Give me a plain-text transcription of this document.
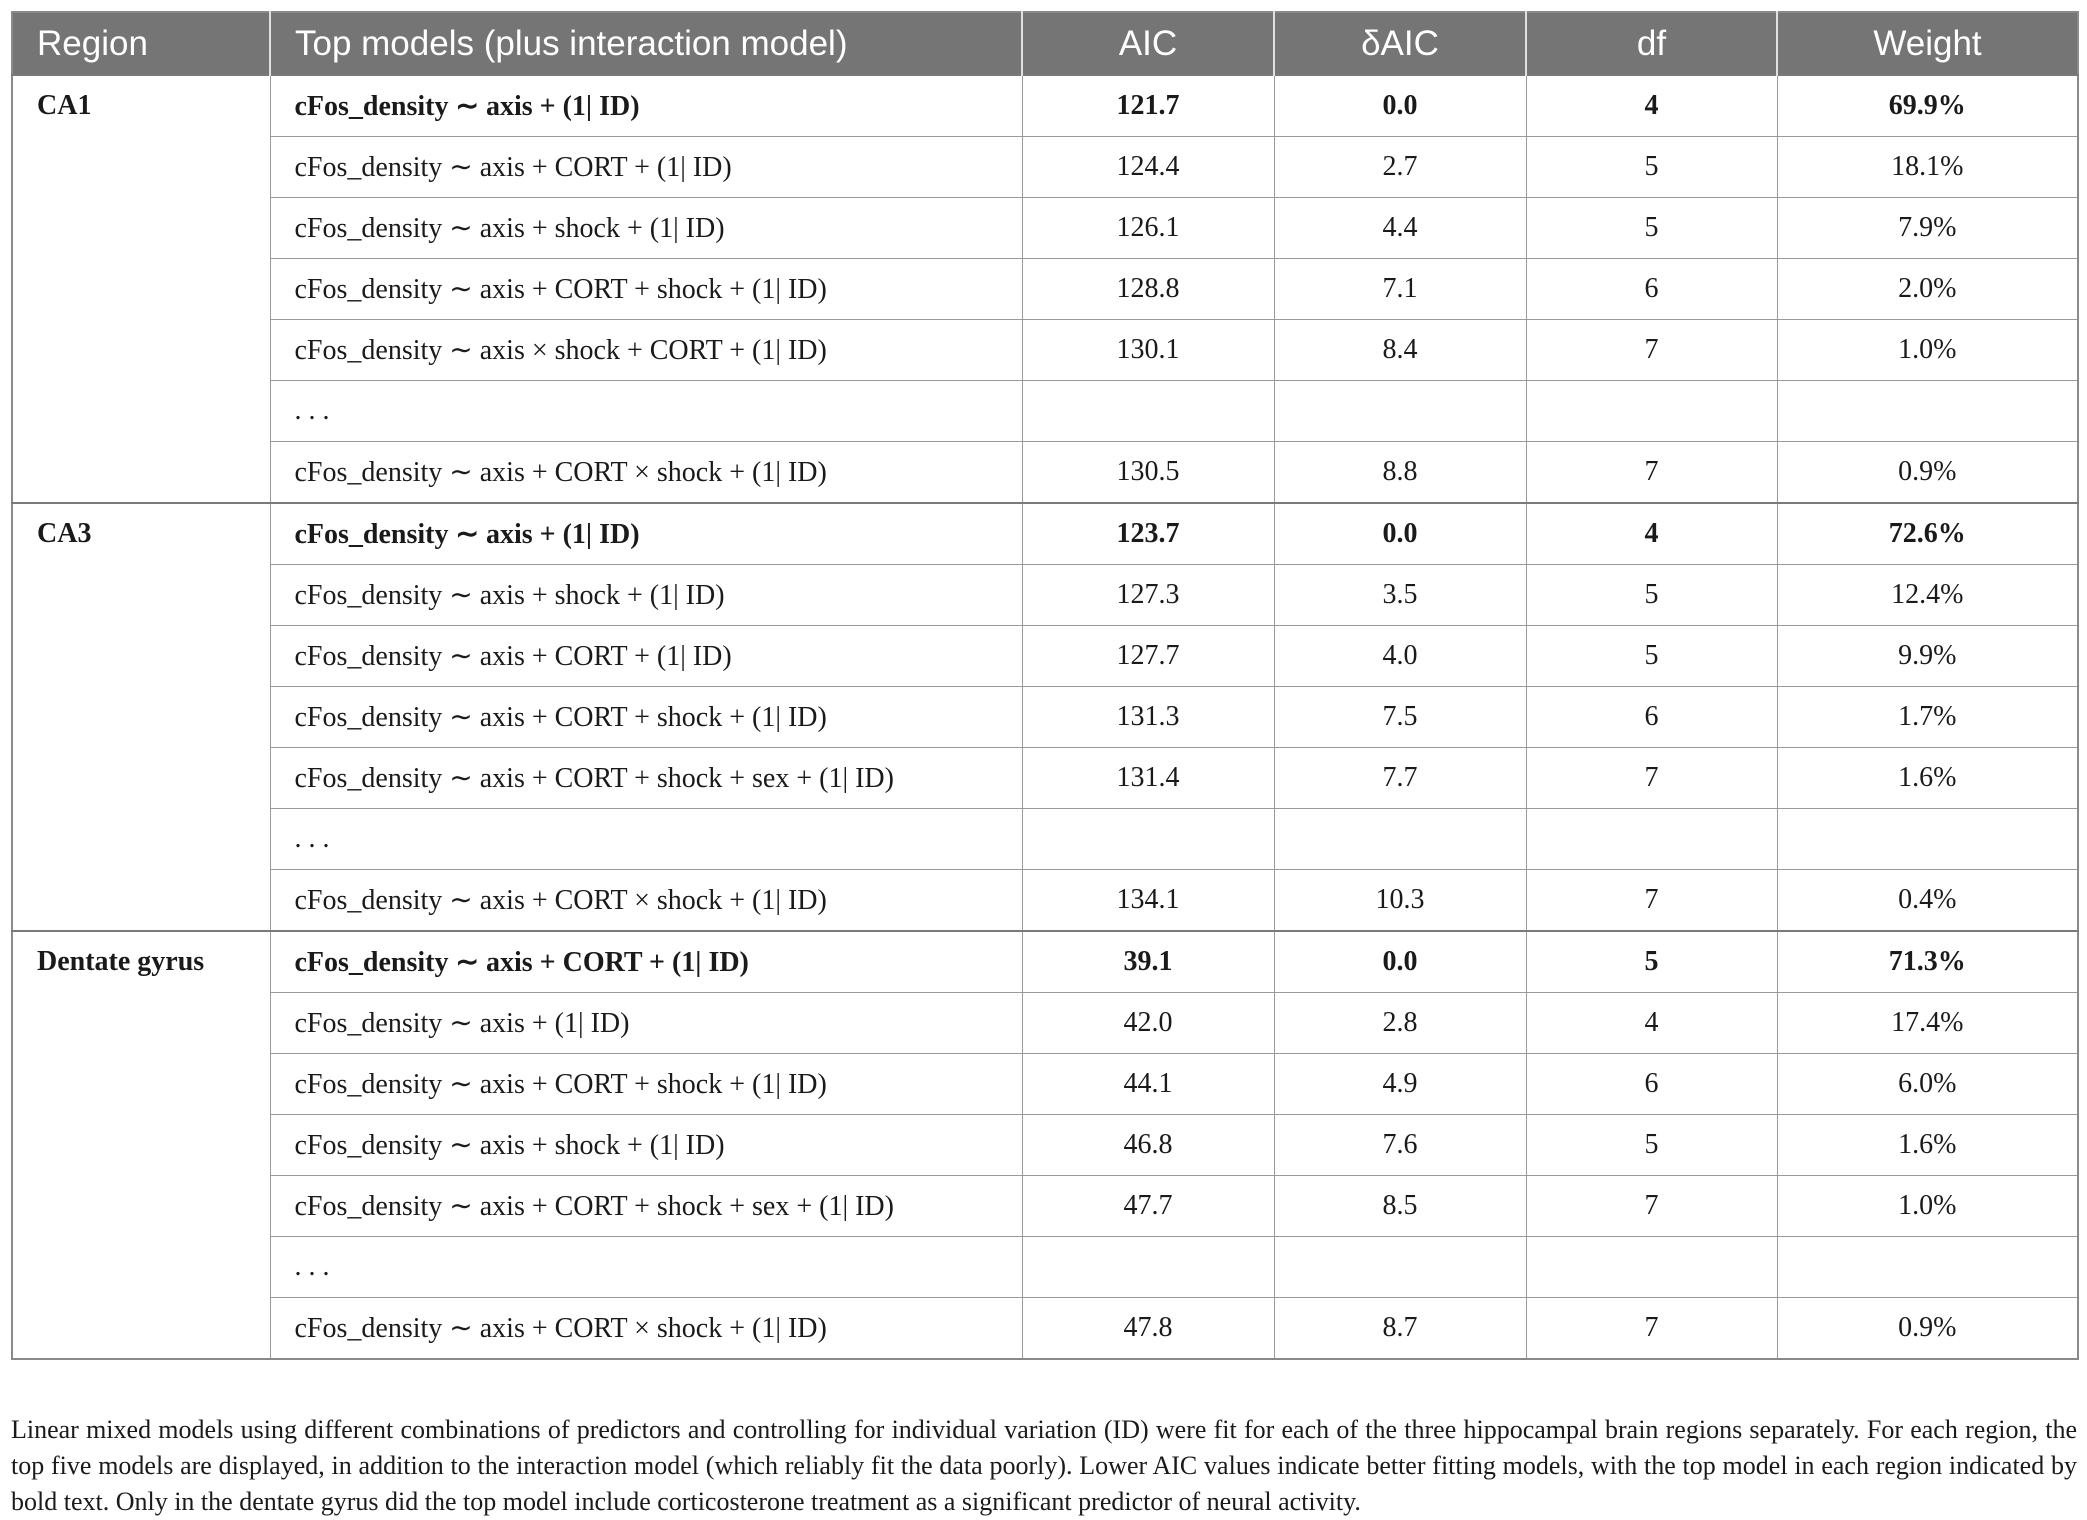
Region	Top models (plus interaction model)	AIC	δAIC	df	Weight
CA1	cFos_density ∼ axis + (1| ID)	121.7	0.0	4	69.9%
	cFos_density ∼ axis + CORT + (1| ID)	124.4	2.7	5	18.1%
	cFos_density ∼ axis + shock + (1| ID)	126.1	4.4	5	7.9%
	cFos_density ∼ axis + CORT + shock + (1| ID)	128.8	7.1	6	2.0%
	cFos_density ∼ axis × shock + CORT + (1| ID)	130.1	8.4	7	1.0%
	. . .				
	cFos_density ∼ axis + CORT × shock + (1| ID)	130.5	8.8	7	0.9%
CA3	cFos_density ∼ axis + (1| ID)	123.7	0.0	4	72.6%
	cFos_density ∼ axis + shock + (1| ID)	127.3	3.5	5	12.4%
	cFos_density ∼ axis + CORT + (1| ID)	127.7	4.0	5	9.9%
	cFos_density ∼ axis + CORT + shock + (1| ID)	131.3	7.5	6	1.7%
	cFos_density ∼ axis + CORT + shock + sex + (1| ID)	131.4	7.7	7	1.6%
	. . .				
	cFos_density ∼ axis + CORT × shock + (1| ID)	134.1	10.3	7	0.4%
Dentate gyrus	cFos_density ∼ axis + CORT + (1| ID)	39.1	0.0	5	71.3%
	cFos_density ∼ axis + (1| ID)	42.0	2.8	4	17.4%
	cFos_density ∼ axis + CORT + shock + (1| ID)	44.1	4.9	6	6.0%
	cFos_density ∼ axis + shock + (1| ID)	46.8	7.6	5	1.6%
	cFos_density ∼ axis + CORT + shock + sex + (1| ID)	47.7	8.5	7	1.0%
	. . .				
	cFos_density ∼ axis + CORT × shock + (1| ID)	47.8	8.7	7	0.9%

Linear mixed models using different combinations of predictors and controlling for individual variation (ID) were fit for each of the three hippocampal brain regions separately. For each region, the top five models are displayed, in addition to the interaction model (which reliably fit the data poorly). Lower AIC values indicate better fitting models, with the top model in each region indicated by bold text. Only in the dentate gyrus did the top model include corticosterone treatment as a significant predictor of neural activity.
